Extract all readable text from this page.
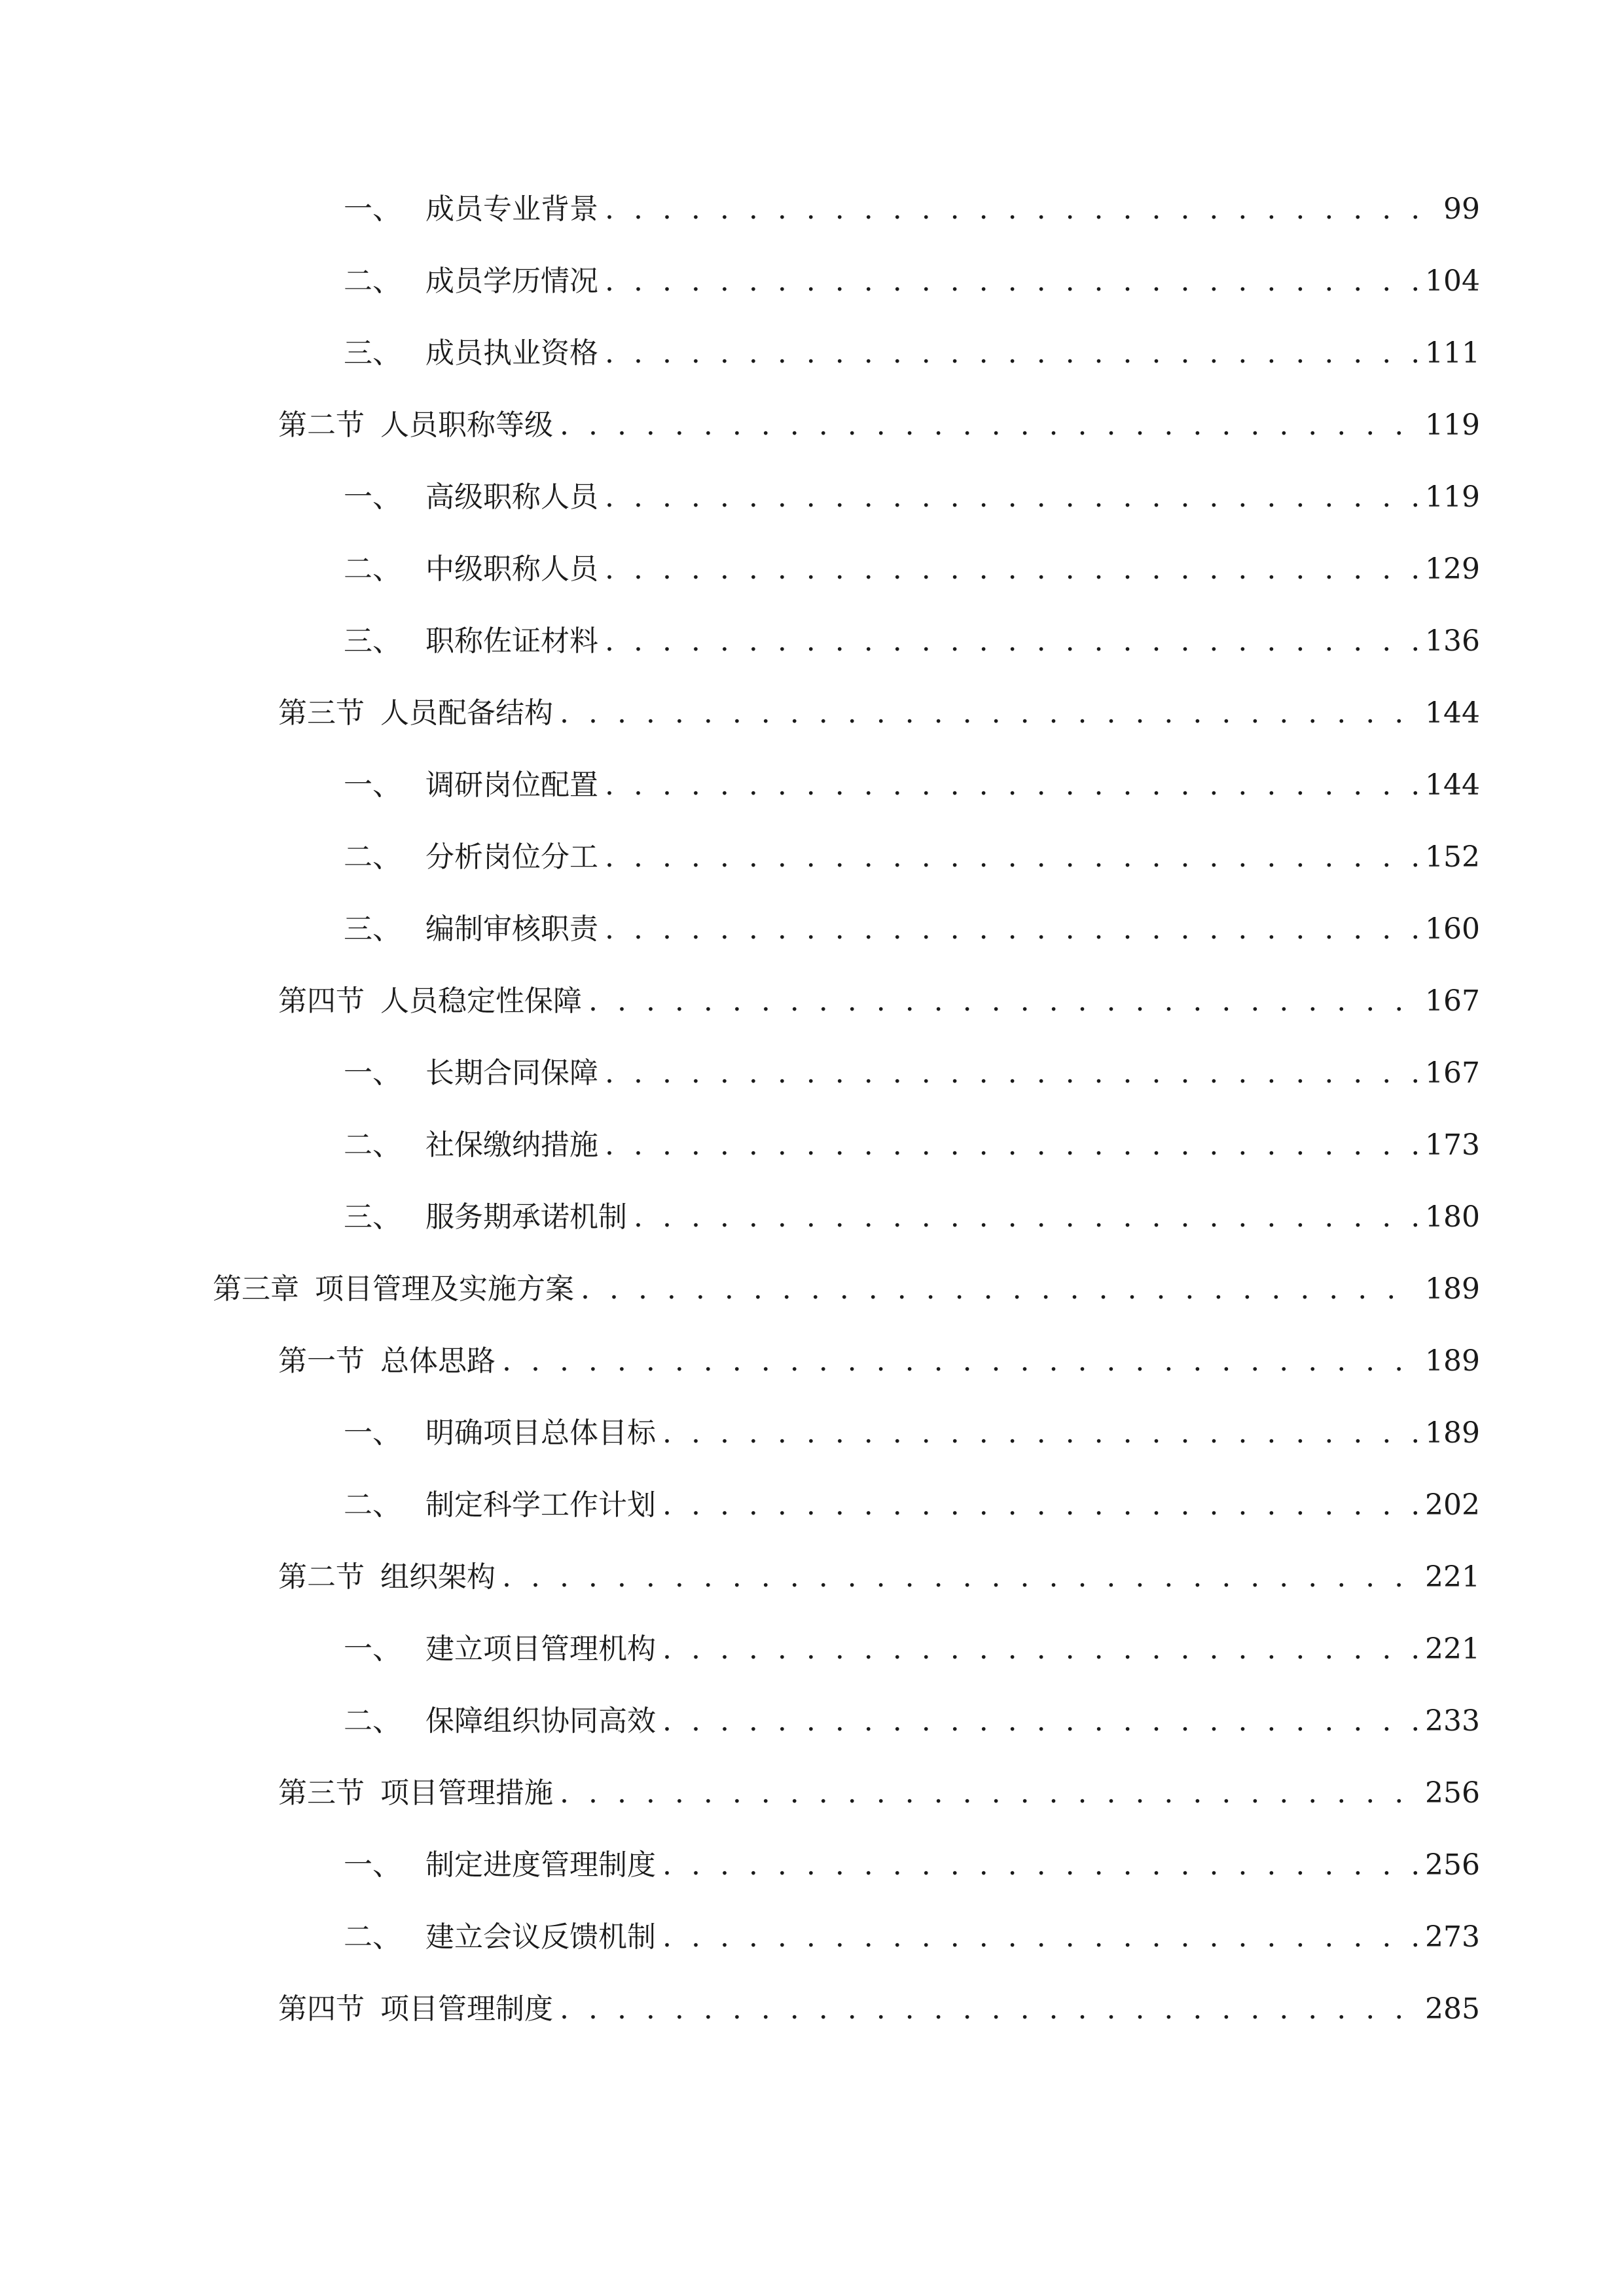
一、 成员专业背景 . . .	99
二、 成员学历情况 . . .	104
三、 成员执业资格 . . .	111
第二节 人员职称等级 . . .	119
一、 高级职称人员 . . .	119
二、 中级职称人员 . . .	129
三、 职称佐证材料 . . .	136
第三节 人员配备结构 . . .	144
一、 调研岗位配置 . . .	144
二、 分析岗位分工 . . .	152
三、 编制审核职责 . . .	160
第四节 人员稳定性保障 . . .	167
一、 长期合同保障 . . .	167
二、 社保缴纳措施 . . .	173
三、 服务期承诺机制 . . .	180
第三章 项目管理及实施方案 . . .	189
第一节 总体思路 . . .	189
一、 明确项目总体目标 . . .	189
二、 制定科学工作计划 . . .	202
第二节 组织架构 . . .	221
一、 建立项目管理机构 . . .	221
二、 保障组织协同高效 . . .	233
第三节 项目管理措施 . . .	256
一、 制定进度管理制度 . . .	256
二、 建立会议反馈机制 . . .	273
第四节 项目管理制度 . . .	285
